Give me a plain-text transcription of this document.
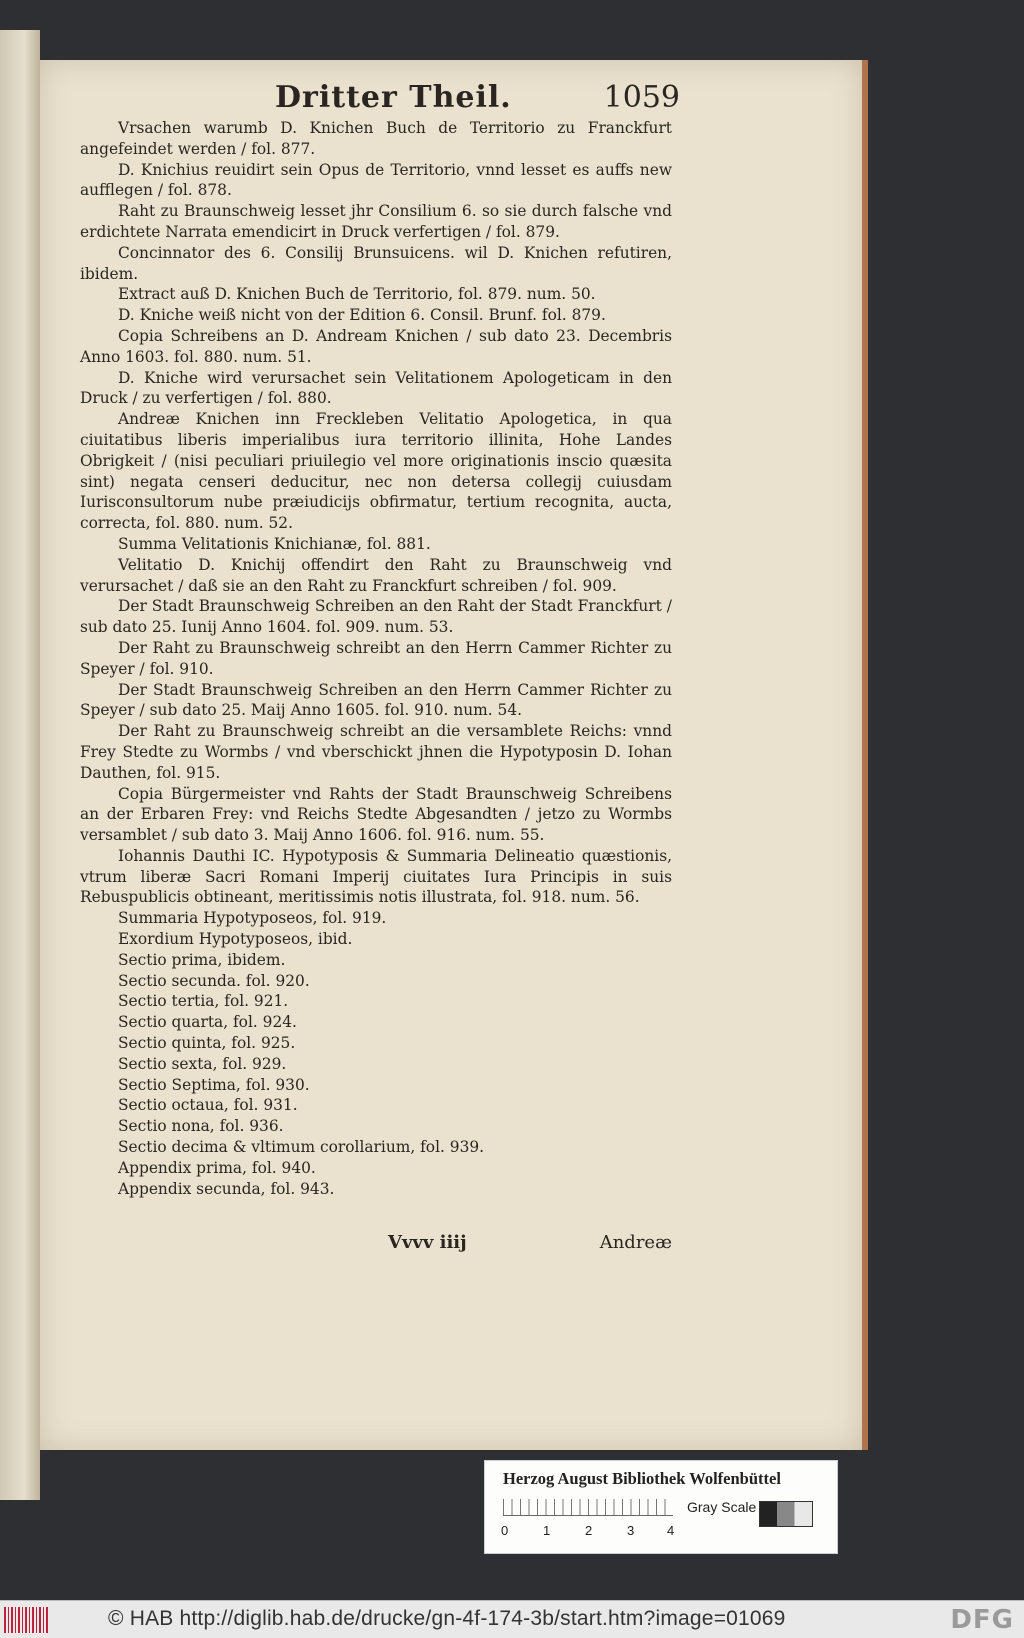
Dritter Theil.	1059
Vrsachen warumb D. Knichen Buch de Territorio zu Franckfurt angefeindet werden / fol. 877.
D. Knichius reuidirt sein Opus de Territorio, vnnd lesset es auffs new aufflegen / fol. 878.
Raht zu Braunschweig lesset jhr Consilium 6. so sie durch falsche vnd erdichtete Narrata emendicirt in Druck verfertigen / fol. 879.
Concinnator des 6. Consilij Brunsuicens. wil D. Knichen refutiren, ibidem.
Extract auß D. Knichen Buch de Territorio, fol. 879. num. 50.
D. Kniche weiß nicht von der Edition 6. Consil. Brunf. fol. 879.
Copia Schreibens an D. Andream Knichen / sub dato 23. Decembris Anno 1603. fol. 880. num. 51.
D. Kniche wird verursachet sein Velitationem Apologeticam in den Druck / zu verfertigen / fol. 880.
Andreæ Knichen inn Freckleben Velitatio Apologetica, in qua ciuitatibus liberis imperialibus iura territorio illinita, Hohe Landes Obrigkeit / (nisi peculiari priuilegio vel more originationis inscio quæsita sint) negata censeri deducitur, nec non detersa collegij cuiusdam Iurisconsultorum nube præiudicijs obfirmatur, tertium recognita, aucta, correcta, fol. 880. num. 52.
Summa Velitationis Knichianæ, fol. 881.
Velitatio D. Knichij offendirt den Raht zu Braunschweig vnd verursachet / daß sie an den Raht zu Franckfurt schreiben / fol. 909.
Der Stadt Braunschweig Schreiben an den Raht der Stadt Franckfurt / sub dato 25. Iunij Anno 1604. fol. 909. num. 53.
Der Raht zu Braunschweig schreibt an den Herrn Cammer Richter zu Speyer / fol. 910.
Der Stadt Braunschweig Schreiben an den Herrn Cammer Richter zu Speyer / sub dato 25. Maij Anno 1605. fol. 910. num. 54.
Der Raht zu Braunschweig schreibt an die versamblete Reichs: vnnd Frey Stedte zu Wormbs / vnd vberschickt jhnen die Hypotyposin D. Iohan Dauthen, fol. 915.
Copia Bürgermeister vnd Rahts der Stadt Braunschweig Schreibens an der Erbaren Frey: vnd Reichs Stedte Abgesandten / jetzo zu Wormbs versamblet / sub dato 3. Maij Anno 1606. fol. 916. num. 55.
Iohannis Dauthi IC. Hypotyposis & Summaria Delineatio quæstionis, vtrum liberæ Sacri Romani Imperij ciuitates Iura Principis in suis Rebuspublicis obtineant, meritissimis notis illustrata, fol. 918. num. 56.
Summaria Hypotyposeos, fol. 919.
Exordium Hypotyposeos, ibid.
Sectio prima, ibidem.
Sectio secunda. fol. 920.
Sectio tertia, fol. 921.
Sectio quarta, fol. 924.
Sectio quinta, fol. 925.
Sectio sexta, fol. 929.
Sectio Septima, fol. 930.
Sectio octaua, fol. 931.
Sectio nona, fol. 936.
Sectio decima & vltimum corollarium, fol. 939.
Appendix prima, fol. 940.
Appendix secunda, fol. 943.
Vvvv iiij	Andreæ
Herzog August Bibliothek Wolfenbüttel
0	1	2	3	4
Gray Scale
© HAB http://diglib.hab.de/drucke/gn-4f-174-3b/start.htm?image=01069	DFG
